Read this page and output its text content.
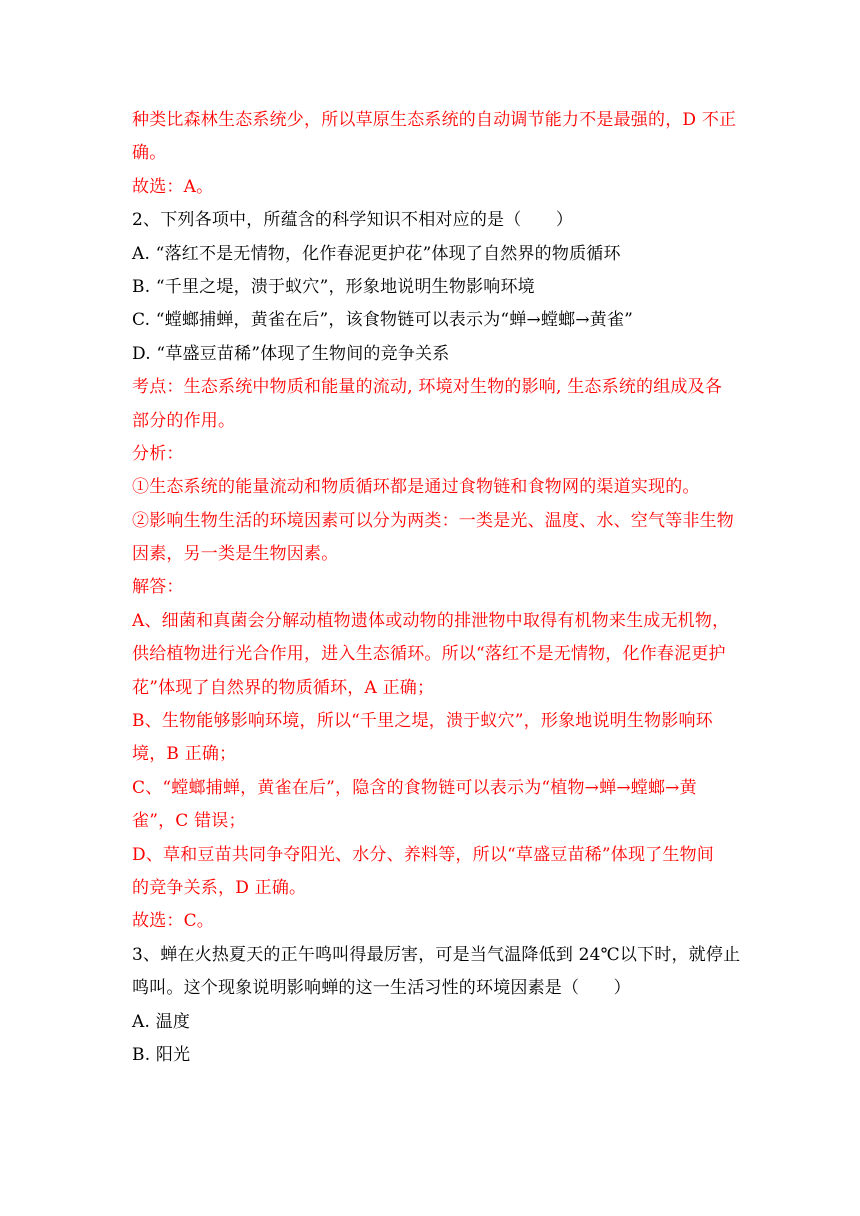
种类比森林生态系统少，所以草原生态系统的自动调节能力不是最强的，D 不正
确。
故选：A。
2、下列各项中，所蕴含的科学知识不相对应的是（　　）
A. “落红不是无情物，化作春泥更护花”体现了自然界的物质循环
B. “千里之堤，溃于蚁穴”，形象地说明生物影响环境
C. “螳螂捕蝉，黄雀在后”，该食物链可以表示为“蝉→螳螂→黄雀”
D. “草盛豆苗稀”体现了生物间的竞争关系
考点：生态系统中物质和能量的流动, 环境对生物的影响, 生态系统的组成及各
部分的作用。
分析：
①生态系统的能量流动和物质循环都是通过食物链和食物网的渠道实现的。
②影响生物生活的环境因素可以分为两类：一类是光、温度、水、空气等非生物
因素，另一类是生物因素。
解答：
A、细菌和真菌会分解动植物遗体或动物的排泄物中取得有机物来生成无机物，
供给植物进行光合作用，进入生态循环。所以“落红不是无情物，化作春泥更护
花”体现了自然界的物质循环，A 正确；
B、生物能够影响环境，所以“千里之堤，溃于蚁穴”，形象地说明生物影响环
境，B 正确；
C、“螳螂捕蝉，黄雀在后”，隐含的食物链可以表示为“植物→蝉→螳螂→黄
雀”，C 错误；
D、草和豆苗共同争夺阳光、水分、养料等，所以“草盛豆苗稀”体现了生物间
的竞争关系，D 正确。
故选：C。
3、蝉在火热夏天的正午鸣叫得最厉害，可是当气温降低到 24℃以下时，就停止
鸣叫。这个现象说明影响蝉的这一生活习性的环境因素是（　　）
A. 温度
B. 阳光
